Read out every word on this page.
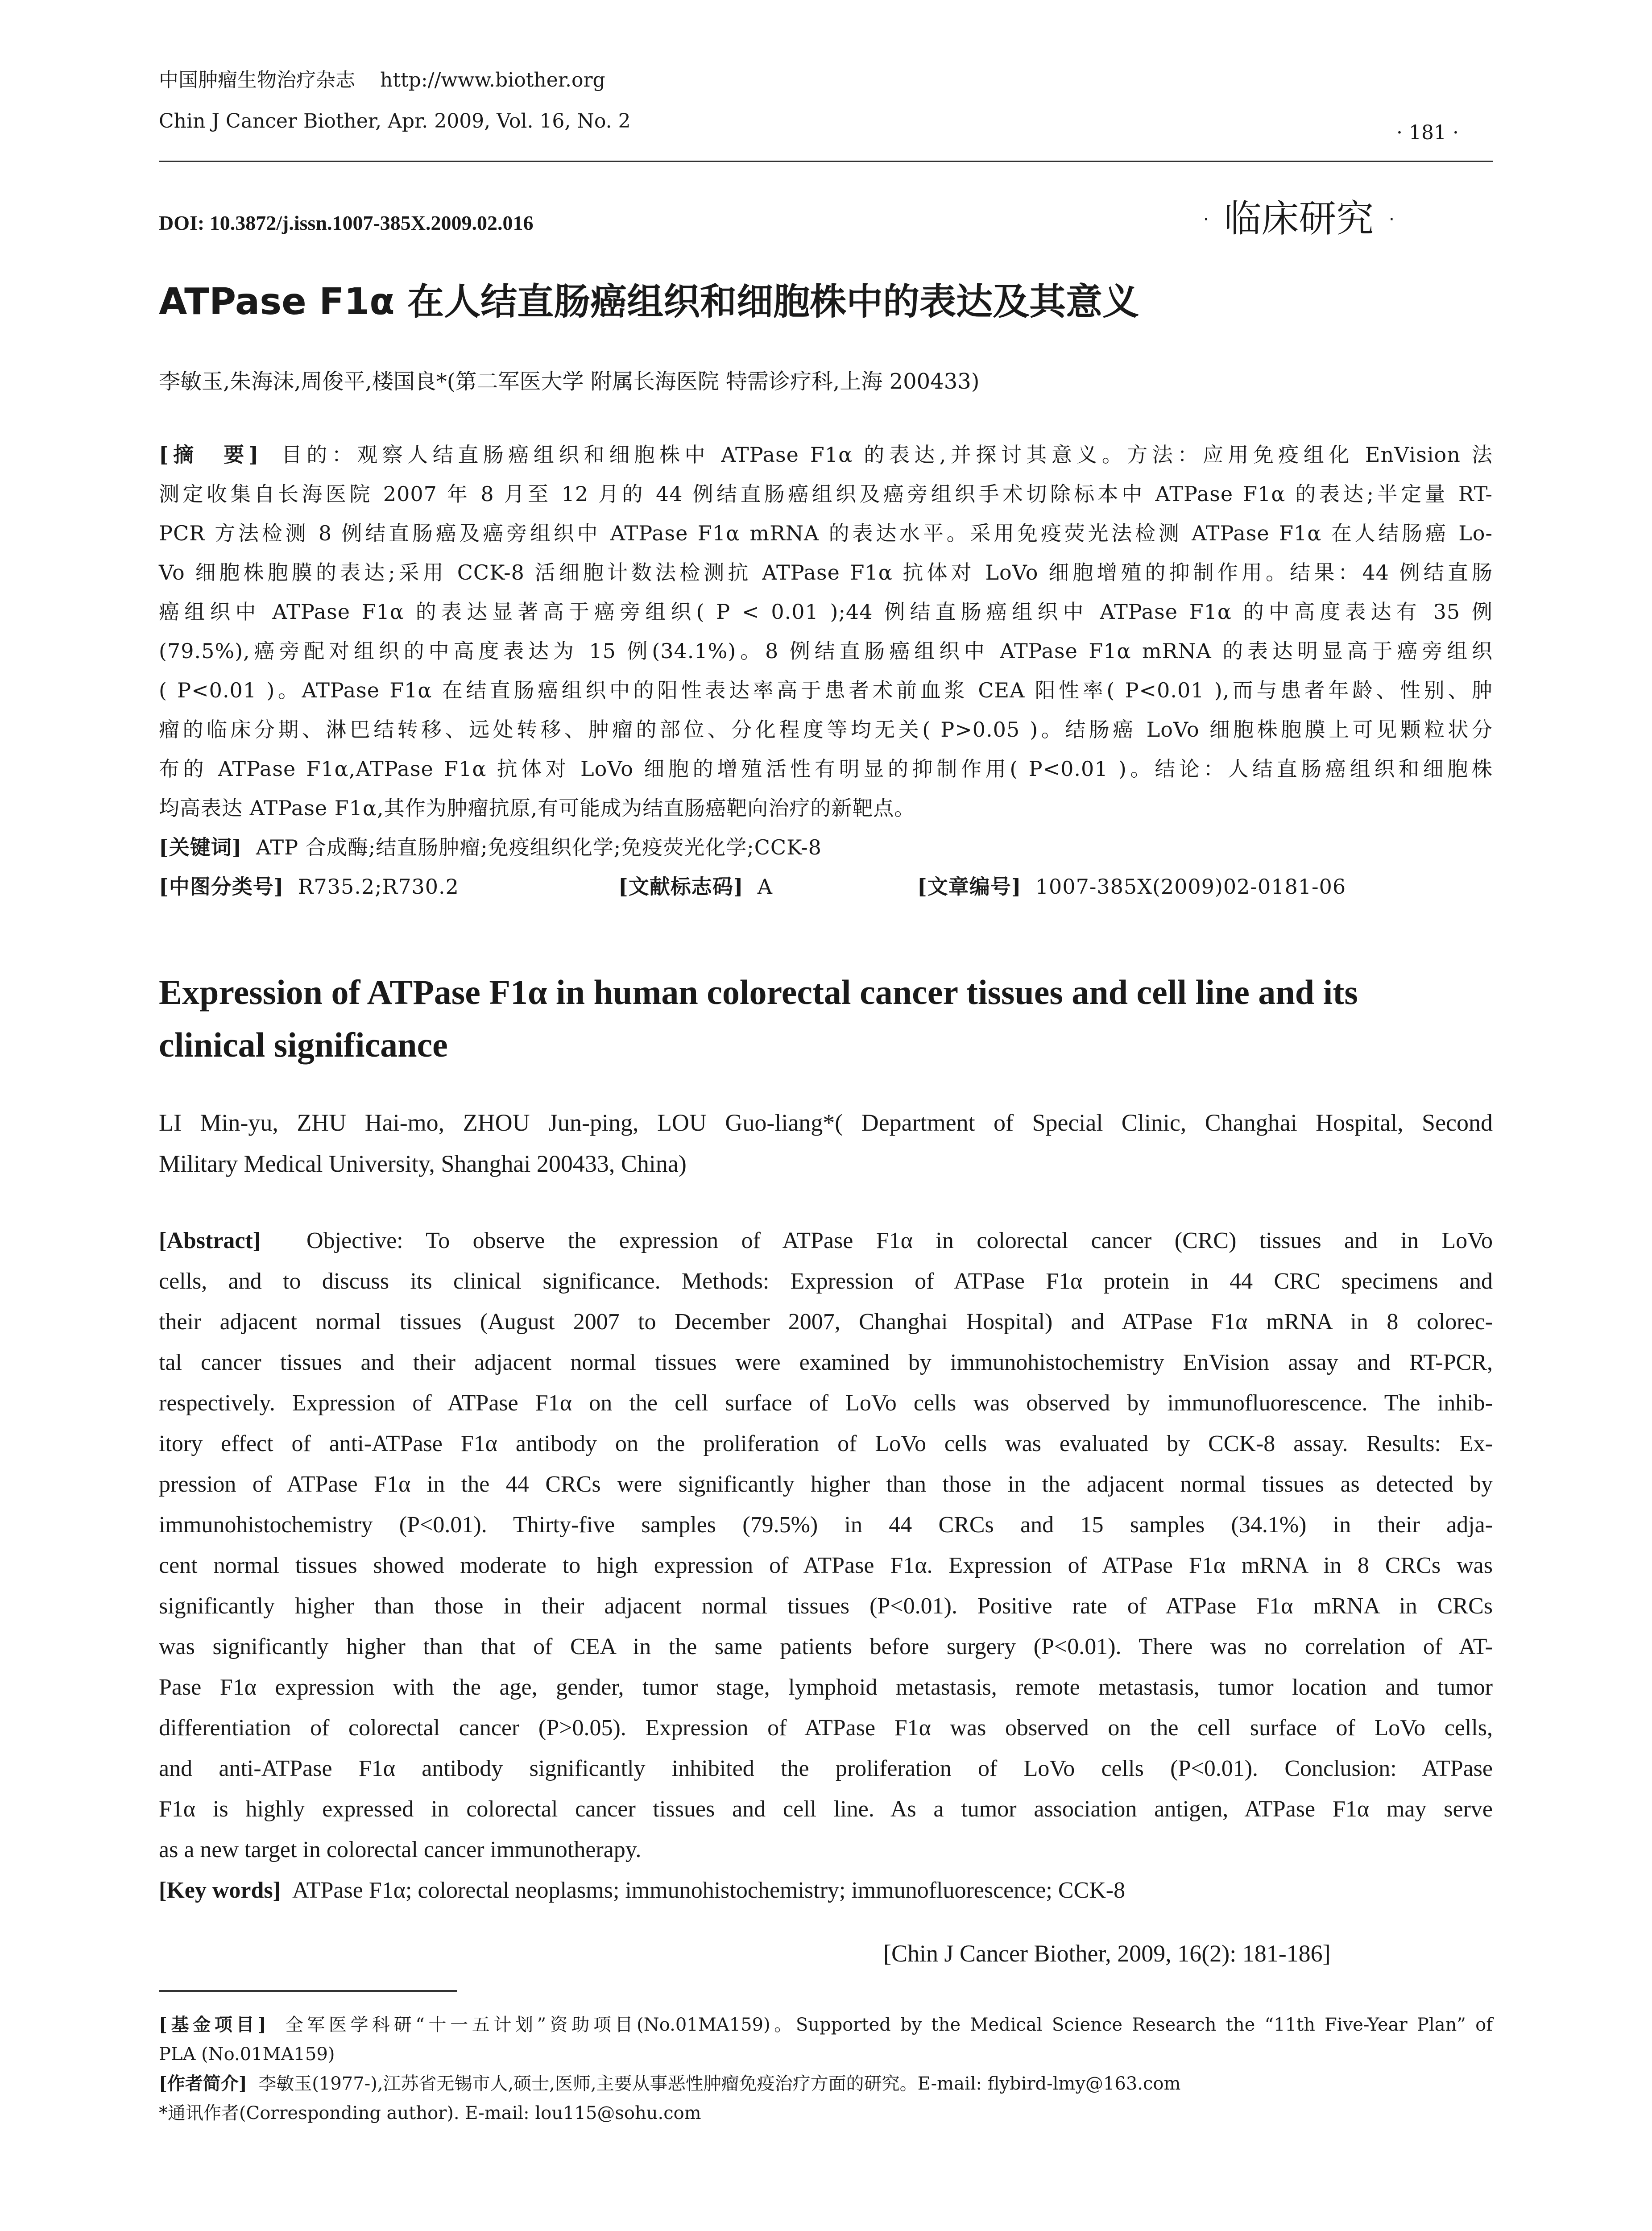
中国肿瘤生物治疗杂志 http://www.biother.org
Chin J Cancer Biother, Apr. 2009, Vol. 16, No. 2
· 181 ·
DOI: 10.3872/j.issn.1007-385X.2009.02.016	· 临床研究 ·
ATPase F1α 在人结直肠癌组织和细胞株中的表达及其意义
李敏玉,朱海沫,周俊平,楼国良*(第二军医大学 附属长海医院 特需诊疗科,上海 200433)
[摘　要] 目的：观察人结直肠癌组织和细胞株中 ATPase F1α 的表达,并探讨其意义。方法：应用免疫组化 EnVision 法
测定收集自长海医院 2007 年 8 月至 12 月的 44 例结直肠癌组织及癌旁组织手术切除标本中 ATPase F1α 的表达;半定量 RT-
PCR 方法检测 8 例结直肠癌及癌旁组织中 ATPase F1α mRNA 的表达水平。采用免疫荧光法检测 ATPase F1α 在人结肠癌 Lo-
Vo 细胞株胞膜的表达;采用 CCK-8 活细胞计数法检测抗 ATPase F1α 抗体对 LoVo 细胞增殖的抑制作用。结果：44 例结直肠
癌组织中 ATPase F1α 的表达显著高于癌旁组织( P < 0.01 );44 例结直肠癌组织中 ATPase F1α 的中高度表达有 35 例
(79.5%),癌旁配对组织的中高度表达为 15 例(34.1%)。8 例结直肠癌组织中 ATPase F1α mRNA 的表达明显高于癌旁组织
( P<0.01 )。ATPase F1α 在结直肠癌组织中的阳性表达率高于患者术前血浆 CEA 阳性率( P<0.01 ),而与患者年龄、性别、肿
瘤的临床分期、淋巴结转移、远处转移、肿瘤的部位、分化程度等均无关( P>0.05 )。结肠癌 LoVo 细胞株胞膜上可见颗粒状分
布的 ATPase F1α,ATPase F1α 抗体对 LoVo 细胞的增殖活性有明显的抑制作用( P<0.01 )。结论：人结直肠癌组织和细胞株
均高表达 ATPase F1α,其作为肿瘤抗原,有可能成为结直肠癌靶向治疗的新靶点。
[关键词] ATP 合成酶;结直肠肿瘤;免疫组织化学;免疫荧光化学;CCK-8
[中图分类号] R735.2;R730.2	[文献标志码] A	[文章编号] 1007-385X(2009)02-0181-06
Expression of ATPase F1α in human colorectal cancer tissues and cell line and its
clinical significance
LI Min-yu, ZHU Hai-mo, ZHOU Jun-ping, LOU Guo-liang*( Department of Special Clinic, Changhai Hospital, Second
Military Medical University, Shanghai 200433, China)
[Abstract] Objective: To observe the expression of ATPase F1α in colorectal cancer (CRC) tissues and in LoVo
cells, and to discuss its clinical significance. Methods: Expression of ATPase F1α protein in 44 CRC specimens and
their adjacent normal tissues (August 2007 to December 2007, Changhai Hospital) and ATPase F1α mRNA in 8 colorec-
tal cancer tissues and their adjacent normal tissues were examined by immunohistochemistry EnVision assay and RT-PCR,
respectively. Expression of ATPase F1α on the cell surface of LoVo cells was observed by immunofluorescence. The inhib-
itory effect of anti-ATPase F1α antibody on the proliferation of LoVo cells was evaluated by CCK-8 assay. Results: Ex-
pression of ATPase F1α in the 44 CRCs were significantly higher than those in the adjacent normal tissues as detected by
immunohistochemistry (P<0.01). Thirty-five samples (79.5%) in 44 CRCs and 15 samples (34.1%) in their adja-
cent normal tissues showed moderate to high expression of ATPase F1α. Expression of ATPase F1α mRNA in 8 CRCs was
significantly higher than those in their adjacent normal tissues (P<0.01). Positive rate of ATPase F1α mRNA in CRCs
was significantly higher than that of CEA in the same patients before surgery (P<0.01). There was no correlation of AT-
Pase F1α expression with the age, gender, tumor stage, lymphoid metastasis, remote metastasis, tumor location and tumor
differentiation of colorectal cancer (P>0.05). Expression of ATPase F1α was observed on the cell surface of LoVo cells,
and anti-ATPase F1α antibody significantly inhibited the proliferation of LoVo cells (P<0.01). Conclusion: ATPase
F1α is highly expressed in colorectal cancer tissues and cell line. As a tumor association antigen, ATPase F1α may serve
as a new target in colorectal cancer immunotherapy.
[Key words] ATPase F1α; colorectal neoplasms; immunohistochemistry; immunofluorescence; CCK-8
[Chin J Cancer Biother, 2009, 16(2): 181-186]
[基金项目] 全军医学科研“十一五计划”资助项目(No.01MA159)。Supported by the Medical Science Research the “11th Five-Year Plan” of
PLA (No.01MA159)
[作者简介] 李敏玉(1977-),江苏省无锡市人,硕士,医师,主要从事恶性肿瘤免疫治疗方面的研究。E-mail: flybird-lmy@163.com
*通讯作者(Corresponding author). E-mail: lou115@sohu.com
